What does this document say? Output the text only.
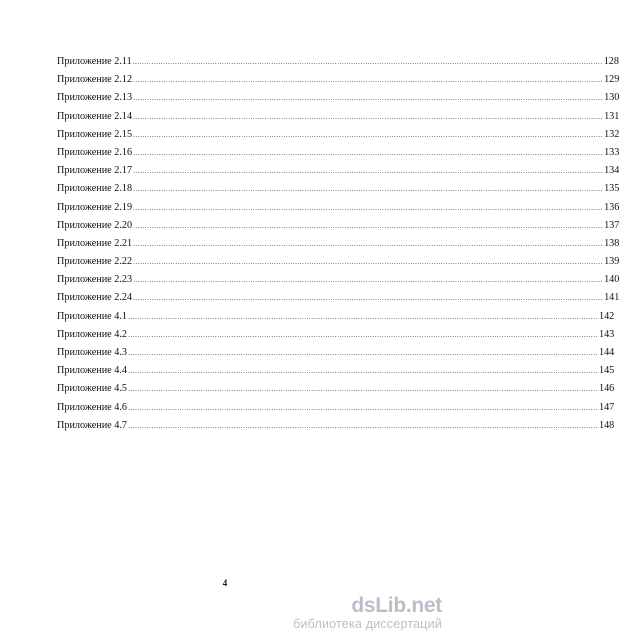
Приложение 2.11 ........................................................................................................................................................................................................ 128
Приложение 2.12 ........................................................................................................................................................................................................ 129
Приложение 2.13 ........................................................................................................................................................................................................ 130
Приложение 2.14 ........................................................................................................................................................................................................ 131
Приложение 2.15 ........................................................................................................................................................................................................ 132
Приложение 2.16 ........................................................................................................................................................................................................ 133
Приложение 2.17 ........................................................................................................................................................................................................ 134
Приложение 2.18 ........................................................................................................................................................................................................ 135
Приложение 2.19 ........................................................................................................................................................................................................ 136
Приложение 2.20 ........................................................................................................................................................................................................ 137
Приложение 2.21 ........................................................................................................................................................................................................ 138
Приложение 2.22 ........................................................................................................................................................................................................ 139
Приложение 2.23 ........................................................................................................................................................................................................ 140
Приложение 2.24 ........................................................................................................................................................................................................ 141
Приложение 4.1 ........................................................................................................................................................................................................ 142
Приложение 4.2 ........................................................................................................................................................................................................ 143
Приложение 4.3 ........................................................................................................................................................................................................ 144
Приложение 4.4 ........................................................................................................................................................................................................ 145
Приложение 4.5 ........................................................................................................................................................................................................ 146
Приложение 4.6 ........................................................................................................................................................................................................ 147
Приложение 4.7 ........................................................................................................................................................................................................ 148
4
dsLib.net
библиотека диссертаций
